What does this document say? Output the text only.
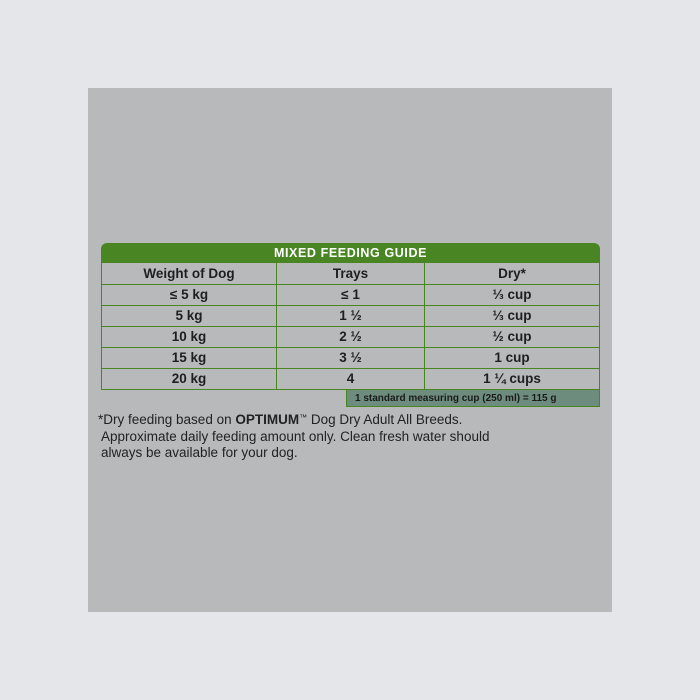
MIXED FEEDING GUIDE
Weight of Dog	Trays	Dry*
≤ 5 kg	≤ 1	⅓ cup
5 kg	1 ½	⅓ cup
10 kg	2 ½	½ cup
15 kg	3 ½	1 cup
20 kg	4	1 ¼ cups
1 standard measuring cup (250 ml) = 115 g
*Dry feeding based on OPTIMUM™ Dog Dry Adult All Breeds.
Approximate daily feeding amount only. Clean fresh water should
always be available for your dog.
